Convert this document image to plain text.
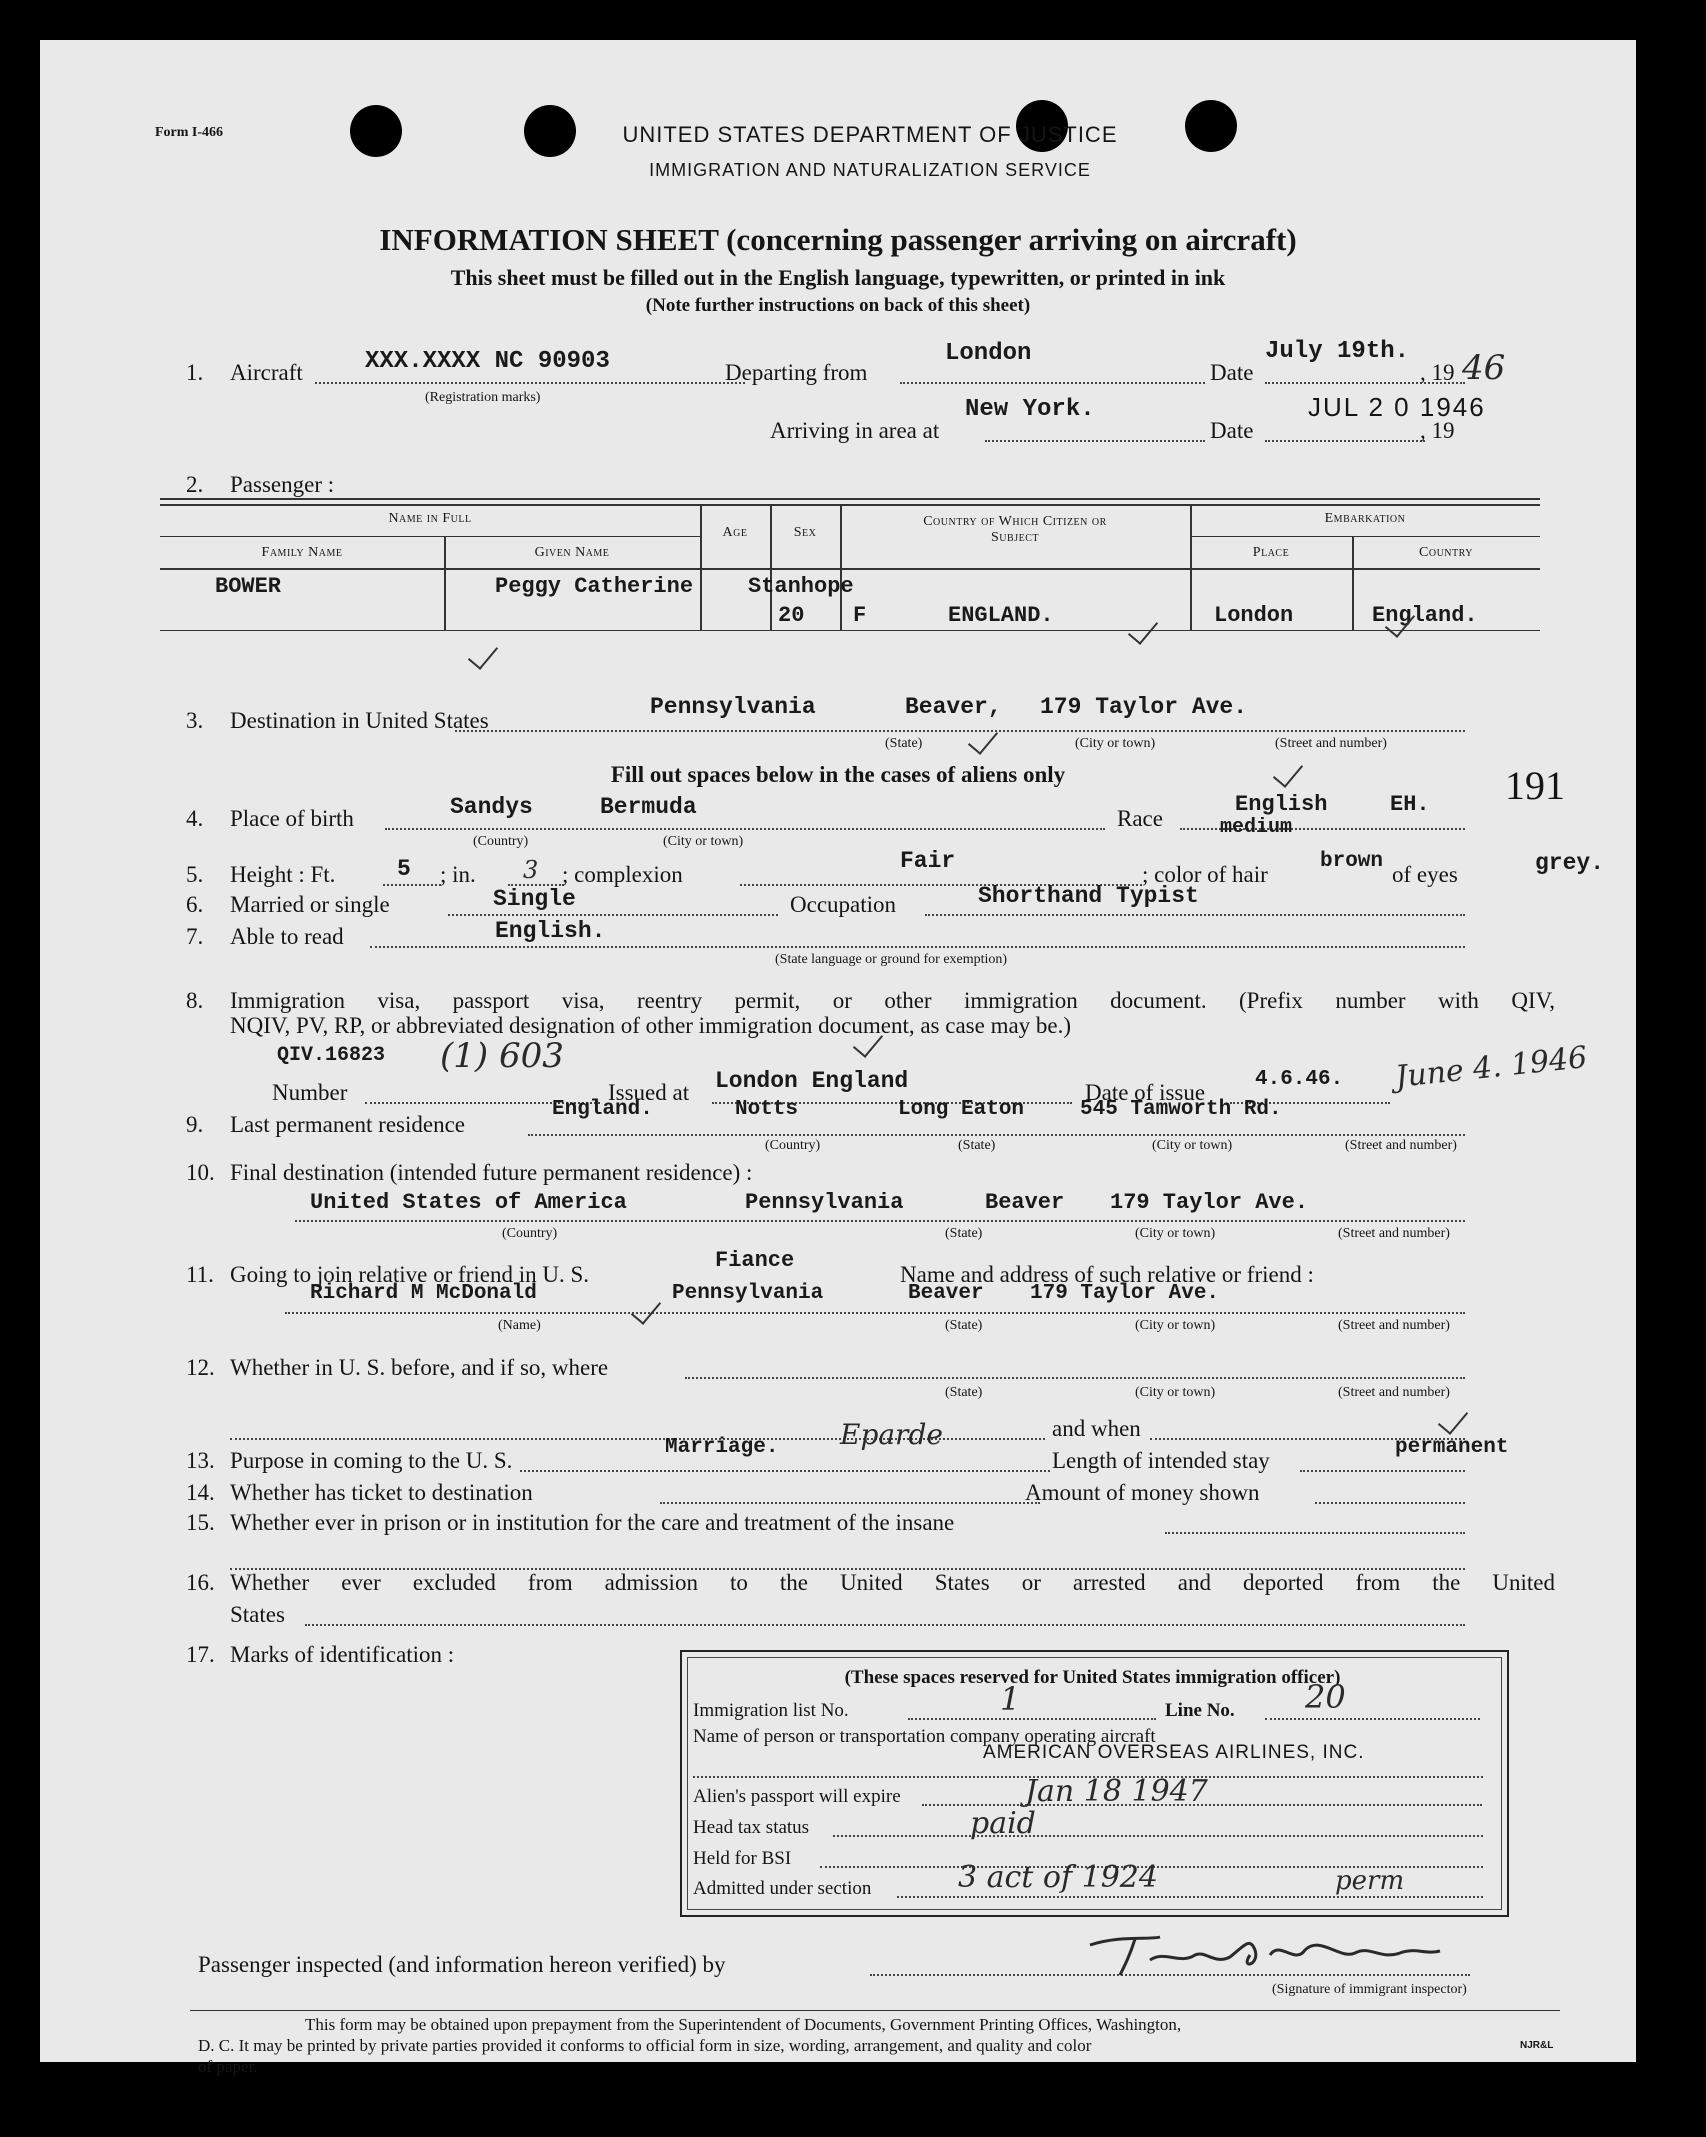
Form I-466	UNITED STATES DEPARTMENT OF JUSTICE
IMMIGRATION AND NATURALIZATION SERVICE
INFORMATION SHEET (concerning passenger arriving on aircraft)
This sheet must be filled out in the English language, typewritten, or printed in ink
(Note further instructions on back of this sheet)
1. Aircraft	XXX.XXXX NC 90903
(Registration marks)
Departing from
London
Date
July 19th.
, 19 46
Arriving in area at
New York.
Date
JUL 2 0 1946
, 19
2. Passenger :
Name in Full
Family Name	Given Name
Age	Sex
Country of Which Citizen or Subject
Embarkation
Place	Country
BOWER	Peggy Catherine Stanhope
20 F	ENGLAND.	London	England.
3. Destination in United States
Pennsylvania	Beaver, 179 Taylor Ave.
(State)	(City or town)	(Street and number)
Fill out spaces below in the cases of aliens only	191
4. Place of birth	Sandys	Bermuda
(Country)	(City or town)
Race
English
medium
EH.
5. Height : Ft.	5 ; in. 3 ; complexion
Fair
; color of hair
brown
of eyes	grey.
6. Married or single	Single	Occupation	Shorthand Typist
7. Able to read	English.
(State language or ground for exemption)
8. Immigration visa, passport visa, reentry permit, or other immigration document. (Prefix number with QIV,
NQIV, PV, RP, or abbreviated designation of other immigration document, as case may be.)
QIV.16823 (1) 603
Number	Issued at London England	Date of issue
4.6.46. June 4. 1946
9. Last permanent residence
England.	Notts	Long Eaton	545 Tamworth Rd.
(Country)	(State)	(City or town)	(Street and number)
10. Final destination (intended future permanent residence) :
United States of America	Pennsylvania	Beaver 179 Taylor Ave.
(Country)	(State)	(City or town)	(Street and number)
11. Going to join relative or friend in U. S.
Fiance
Name and address of such relative or friend :
Richard M McDonald	Pennsylvania	Beaver 179 Taylor Ave.
(Name)	(State)	(City or town)	(Street and number)
12. Whether in U. S. before, and if so, where
(State)	(City or town)	(Street and number)
and when
13. Purpose in coming to the U. S.
Marriage. Eparde
Length of intended stay
permanent
14. Whether has ticket to destination	Amount of money shown
15. Whether ever in prison or in institution for the care and treatment of the insane
16. Whether ever excluded from admission to the United States or arrested and deported from the United
States
17. Marks of identification :
(These spaces reserved for United States immigration officer)
Immigration list No.	1	Line No. 20
Name of person or transportation company operating aircraft
AMERICAN OVERSEAS AIRLINES, INC.
Alien's passport will expire	Jan 18 1947
Head tax status	paid
Held for BSI
Admitted under section	3 act of 1924	perm
Passenger inspected (and information hereon verified) by
(Signature of immigrant inspector)
This form may be obtained upon prepayment from the Superintendent of Documents, Government Printing Offices, Washington,
D. C. It may be printed by private parties provided it conforms to official form in size, wording, arrangement, and quality and color
of paper.
NJR&L
